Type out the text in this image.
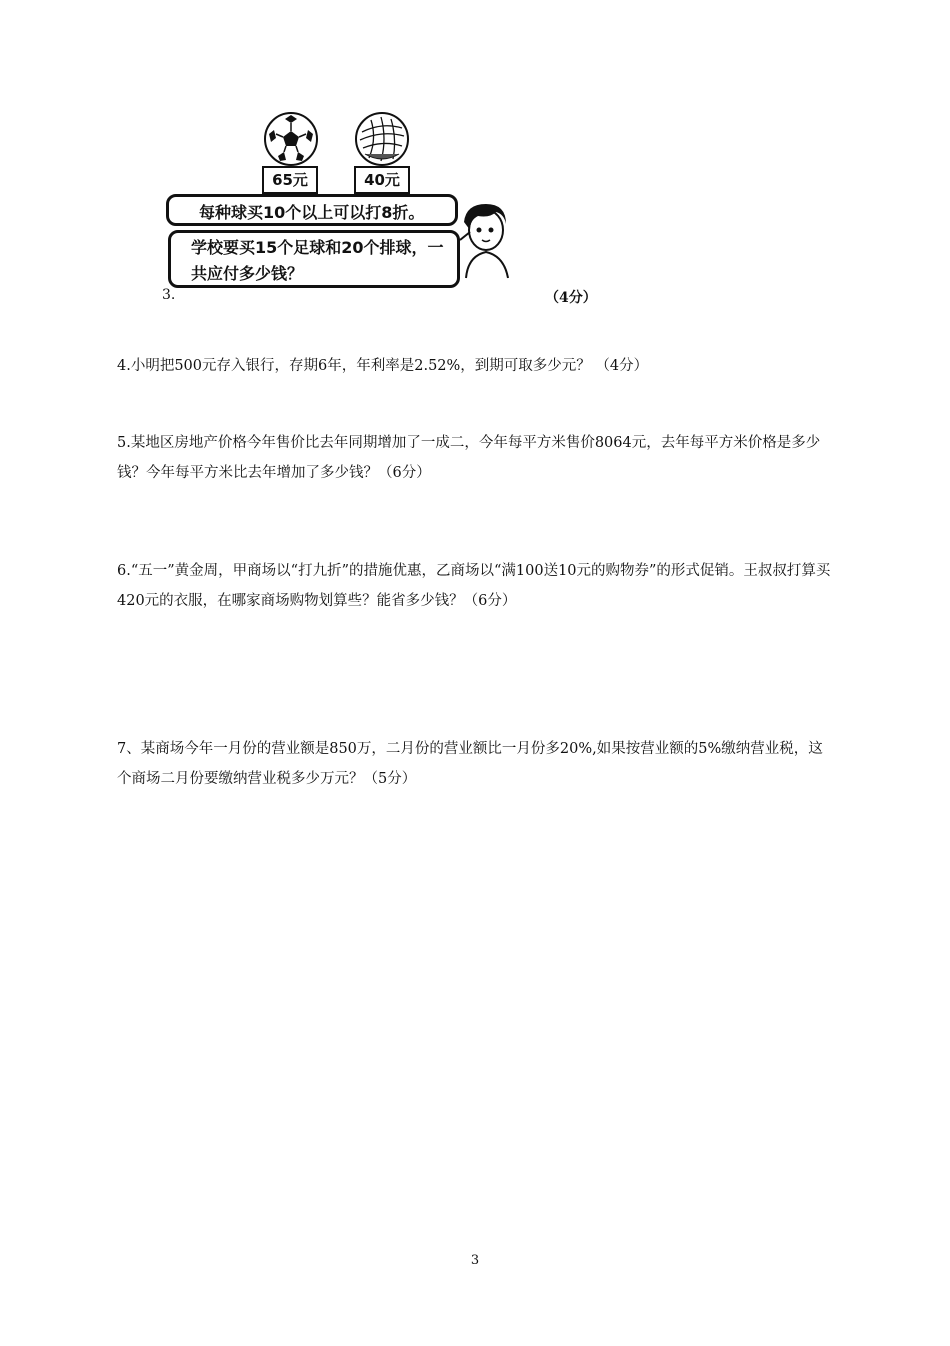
65元	40元
每种球买10个以上可以打8折。
学校要买15个足球和20个排球，一共应付多少钱？
3.	（4分）
4.小明把500元存入银行，存期6年，年利率是2.52%，到期可取多少元？ （4分）
5.某地区房地产价格今年售价比去年同期增加了一成二，今年每平方米售价8064元，去年每平方米价格是多少钱？今年每平方米比去年增加了多少钱？（6分）
6.“五一”黄金周，甲商场以“打九折”的措施优惠，乙商场以“满100送10元的购物券”的形式促销。王叔叔打算买420元的衣服，在哪家商场购物划算些？能省多少钱？（6分）
7、某商场今年一月份的营业额是850万，二月份的营业额比一月份多20%,如果按营业额的5%缴纳营业税，这个商场二月份要缴纳营业税多少万元？（5分）
3
